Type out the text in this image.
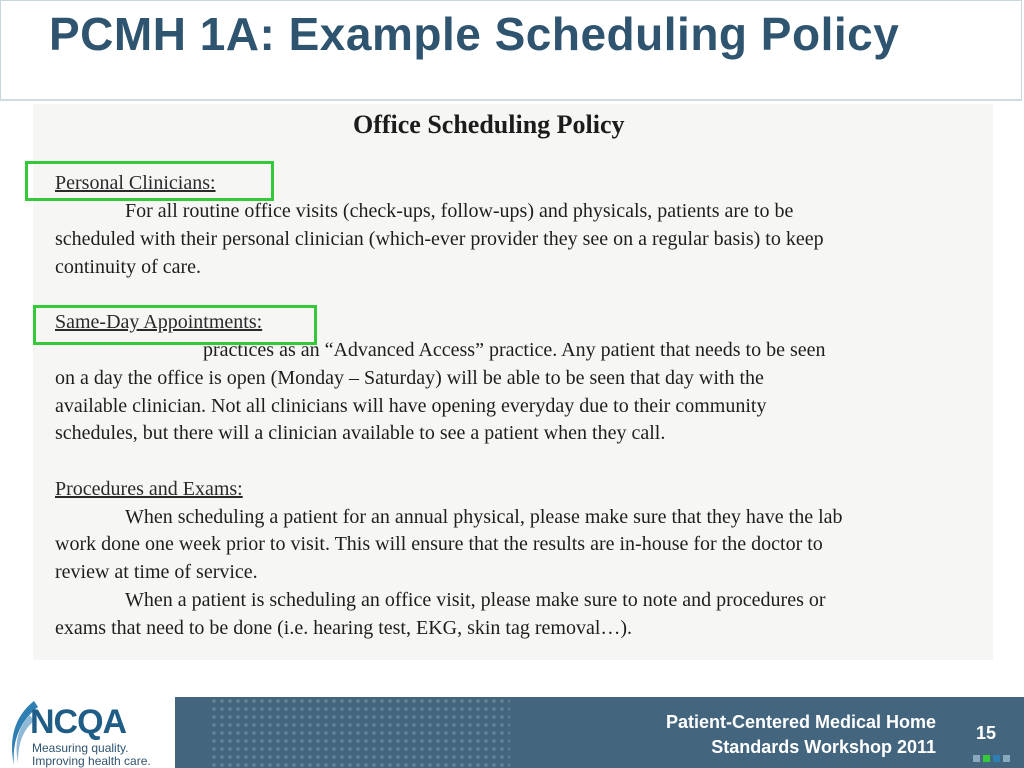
PCMH 1A: Example Scheduling Policy
Office Scheduling Policy
Personal Clinicians:
For all routine office visits (check-ups, follow-ups) and physicals, patients are to be
scheduled with their personal clinician (which-ever provider they see on a regular basis) to keep
continuity of care.
Same-Day Appointments:
practices as an “Advanced Access” practice. Any patient that needs to be seen
on a day the office is open (Monday – Saturday) will be able to be seen that day with the
available clinician. Not all clinicians will have opening everyday due to their community
schedules, but there will a clinician available to see a patient when they call.
Procedures and Exams:
When scheduling a patient for an annual physical, please make sure that they have the lab
work done one week prior to visit. This will ensure that the results are in-house for the doctor to
review at time of service.
When a patient is scheduling an office visit, please make sure to note and procedures or
exams that need to be done (i.e. hearing test, EKG, skin tag removal…).
NCQA
Measuring quality.
Improving health care.
Patient-Centered Medical Home
Standards Workshop 2011
15
